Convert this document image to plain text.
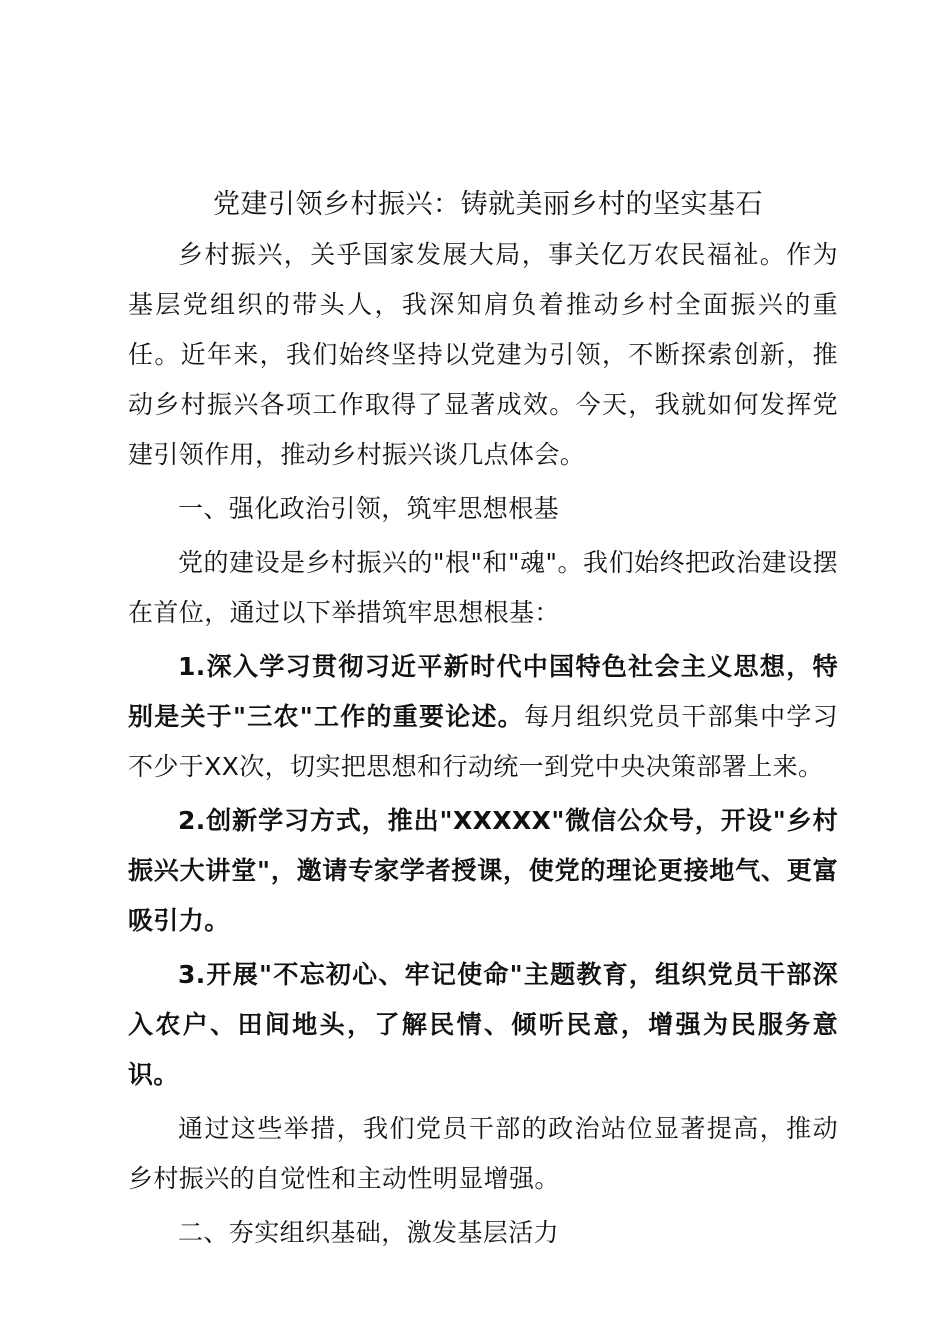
党建引领乡村振兴：铸就美丽乡村的坚实基石

乡村振兴，关乎国家发展大局，事关亿万农民福祉。作为基层党组织的带头人，我深知肩负着推动乡村全面振兴的重任。近年来，我们始终坚持以党建为引领，不断探索创新，推动乡村振兴各项工作取得了显著成效。今天，我就如何发挥党建引领作用，推动乡村振兴谈几点体会。

一、强化政治引领，筑牢思想根基

党的建设是乡村振兴的"根"和"魂"。我们始终把政治建设摆在首位，通过以下举措筑牢思想根基：

1.深入学习贯彻习近平新时代中国特色社会主义思想，特别是关于"三农"工作的重要论述。每月组织党员干部集中学习不少于XX次，切实把思想和行动统一到党中央决策部署上来。

2.创新学习方式，推出"XXXXX"微信公众号，开设"乡村振兴大讲堂"，邀请专家学者授课，使党的理论更接地气、更富吸引力。

3.开展"不忘初心、牢记使命"主题教育，组织党员干部深入农户、田间地头，了解民情、倾听民意，增强为民服务意识。

通过这些举措，我们党员干部的政治站位显著提高，推动乡村振兴的自觉性和主动性明显增强。

二、夯实组织基础，激发基层活力
